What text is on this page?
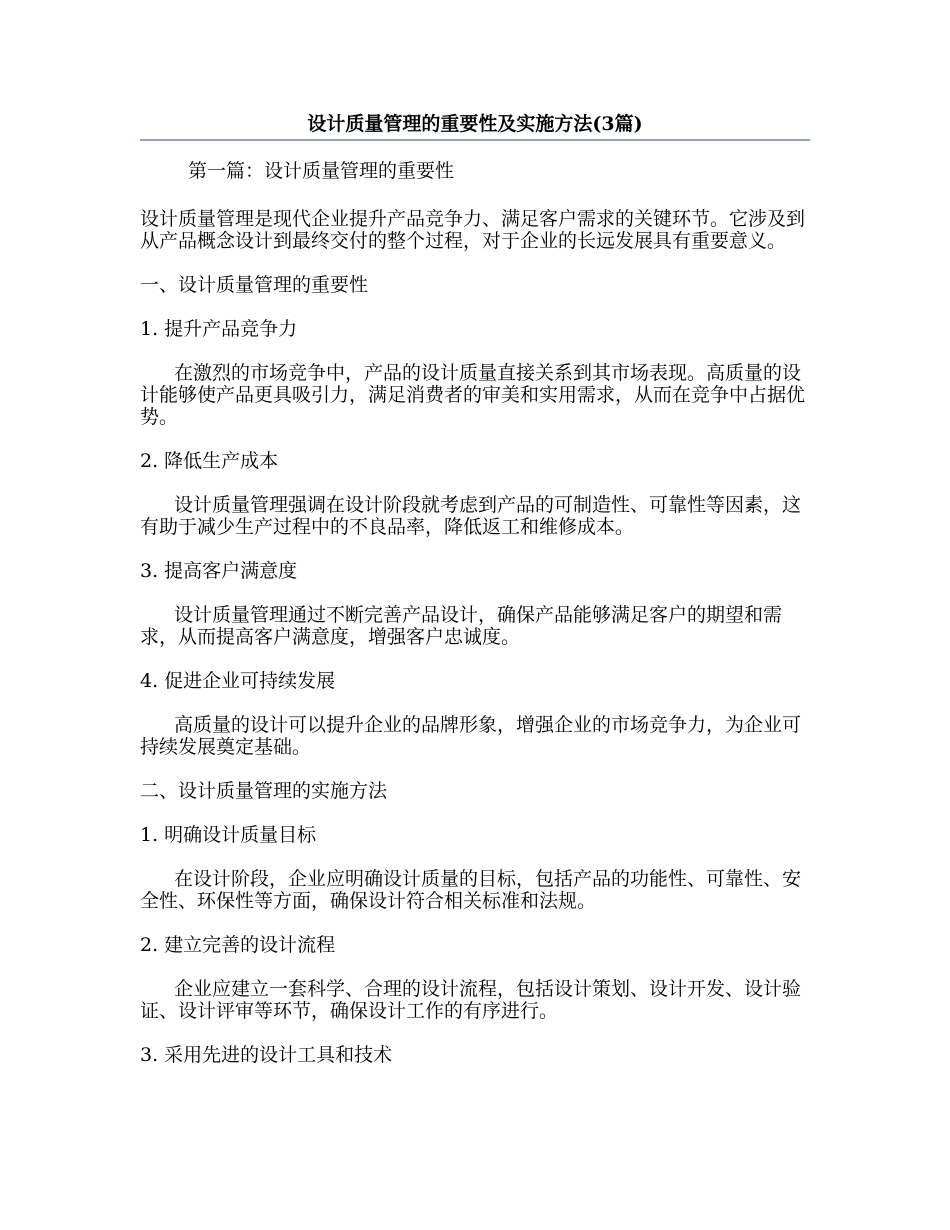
设计质量管理的重要性及实施方法(3篇)

第一篇：设计质量管理的重要性

设计质量管理是现代企业提升产品竞争力、满足客户需求的关键环节。它涉及到从产品概念设计到最终交付的整个过程，对于企业的长远发展具有重要意义。

一、设计质量管理的重要性

1. 提升产品竞争力

在激烈的市场竞争中，产品的设计质量直接关系到其市场表现。高质量的设计能够使产品更具吸引力，满足消费者的审美和实用需求，从而在竞争中占据优势。

2. 降低生产成本

设计质量管理强调在设计阶段就考虑到产品的可制造性、可靠性等因素，这有助于减少生产过程中的不良品率，降低返工和维修成本。

3. 提高客户满意度

设计质量管理通过不断完善产品设计，确保产品能够满足客户的期望和需求，从而提高客户满意度，增强客户忠诚度。

4. 促进企业可持续发展

高质量的设计可以提升企业的品牌形象，增强企业的市场竞争力，为企业可持续发展奠定基础。

二、设计质量管理的实施方法

1. 明确设计质量目标

在设计阶段，企业应明确设计质量的目标，包括产品的功能性、可靠性、安全性、环保性等方面，确保设计符合相关标准和法规。

2. 建立完善的设计流程

企业应建立一套科学、合理的设计流程，包括设计策划、设计开发、设计验证、设计评审等环节，确保设计工作的有序进行。

3. 采用先进的设计工具和技术
